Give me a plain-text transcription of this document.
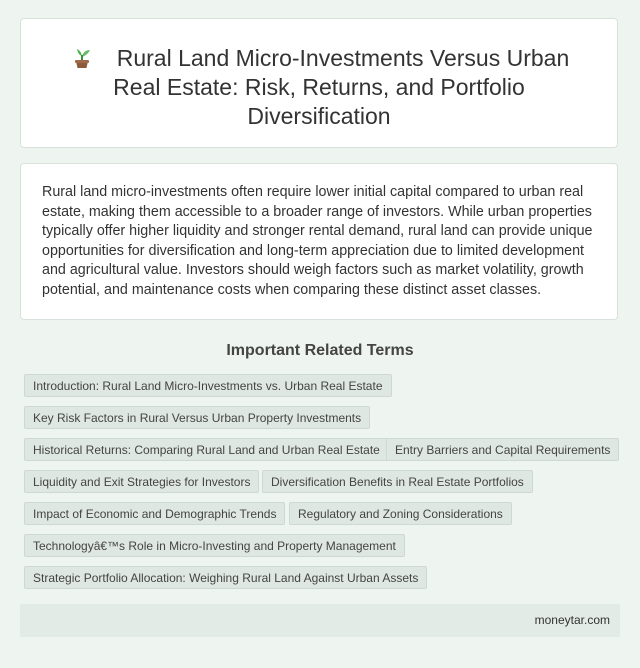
Rural Land Micro-Investments Versus Urban Real Estate: Risk, Returns, and Portfolio Diversification

Rural land micro-investments often require lower initial capital compared to urban real estate, making them accessible to a broader range of investors. While urban properties typically offer higher liquidity and stronger rental demand, rural land can provide unique opportunities for diversification and long-term appreciation due to limited development and agricultural value. Investors should weigh factors such as market volatility, growth potential, and maintenance costs when comparing these distinct asset classes.

Important Related Terms
Introduction: Rural Land Micro-Investments vs. Urban Real Estate
Key Risk Factors in Rural Versus Urban Property Investments
Historical Returns: Comparing Rural Land and Urban Real Estate	Entry Barriers and Capital Requirements
Liquidity and Exit Strategies for Investors	Diversification Benefits in Real Estate Portfolios
Impact of Economic and Demographic Trends	Regulatory and Zoning Considerations
Technologyâ€™s Role in Micro-Investing and Property Management
Strategic Portfolio Allocation: Weighing Rural Land Against Urban Assets
moneytar.com
